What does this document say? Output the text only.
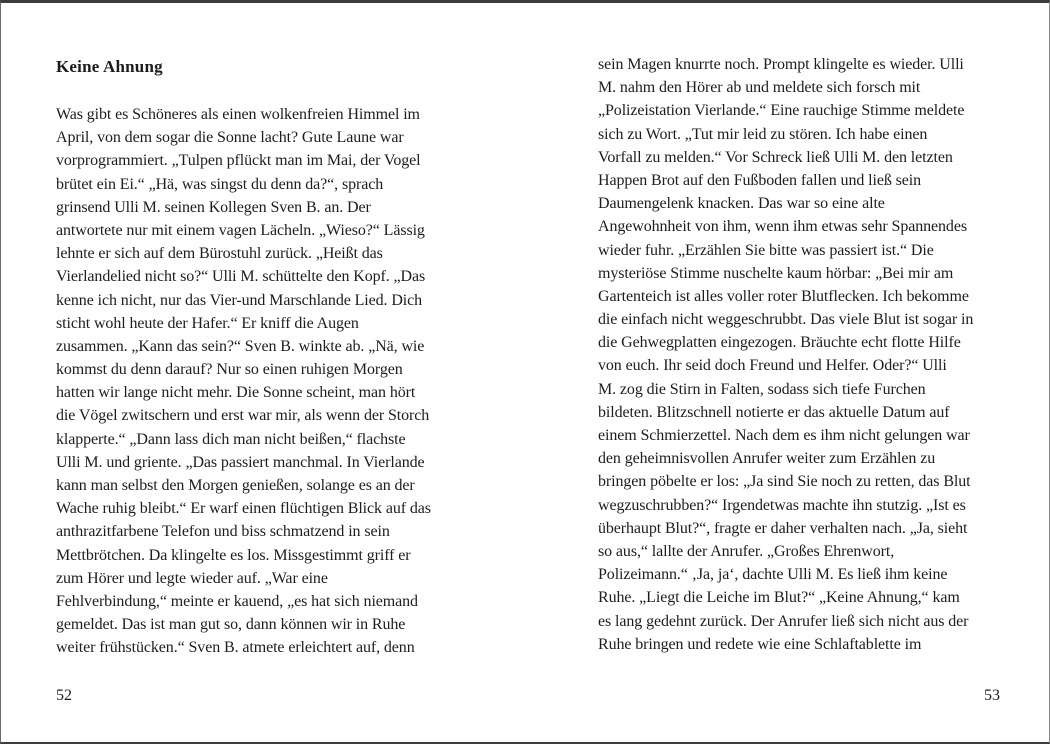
Keine Ahnung
Was gibt es Schöneres als einen wolkenfreien Himmel im
April, von dem sogar die Sonne lacht? Gute Laune war
vorprogrammiert. „Tulpen pflückt man im Mai, der Vogel
brütet ein Ei.“ „Hä, was singst du denn da?“, sprach
grinsend Ulli M. seinen Kollegen Sven B. an. Der
antwortete nur mit einem vagen Lächeln. „Wieso?“ Lässig
lehnte er sich auf dem Bürostuhl zurück. „Heißt das
Vierlandelied nicht so?“ Ulli M. schüttelte den Kopf. „Das
kenne ich nicht, nur das Vier-und Marschlande Lied. Dich
sticht wohl heute der Hafer.“ Er kniff die Augen
zusammen. „Kann das sein?“ Sven B. winkte ab. „Nä, wie
kommst du denn darauf? Nur so einen ruhigen Morgen
hatten wir lange nicht mehr. Die Sonne scheint, man hört
die Vögel zwitschern und erst war mir, als wenn der Storch
klapperte.“ „Dann lass dich man nicht beißen,“ flachste
Ulli M. und griente. „Das passiert manchmal. In Vierlande
kann man selbst den Morgen genießen, solange es an der
Wache ruhig bleibt.“ Er warf einen flüchtigen Blick auf das
anthrazitfarbene Telefon und biss schmatzend in sein
Mettbrötchen. Da klingelte es los. Missgestimmt griff er
zum Hörer und legte wieder auf. „War eine
Fehlverbindung,“ meinte er kauend, „es hat sich niemand
gemeldet. Das ist man gut so, dann können wir in Ruhe
weiter frühstücken.“ Sven B. atmete erleichtert auf, denn
52
sein Magen knurrte noch. Prompt klingelte es wieder. Ulli
M. nahm den Hörer ab und meldete sich forsch mit
„Polizeistation Vierlande.“ Eine rauchige Stimme meldete
sich zu Wort. „Tut mir leid zu stören. Ich habe einen
Vorfall zu melden.“ Vor Schreck ließ Ulli M. den letzten
Happen Brot auf den Fußboden fallen und ließ sein
Daumengelenk knacken. Das war so eine alte
Angewohnheit von ihm, wenn ihm etwas sehr Spannendes
wieder fuhr. „Erzählen Sie bitte was passiert ist.“ Die
mysteriöse Stimme nuschelte kaum hörbar: „Bei mir am
Gartenteich ist alles voller roter Blutflecken. Ich bekomme
die einfach nicht weggeschrubbt. Das viele Blut ist sogar in
die Gehwegplatten eingezogen. Bräuchte echt flotte Hilfe
von euch. Ihr seid doch Freund und Helfer. Oder?“ Ulli
M. zog die Stirn in Falten, sodass sich tiefe Furchen
bildeten. Blitzschnell notierte er das aktuelle Datum auf
einem Schmierzettel. Nach dem es ihm nicht gelungen war
den geheimnisvollen Anrufer weiter zum Erzählen zu
bringen pöbelte er los: „Ja sind Sie noch zu retten, das Blut
wegzuschrubben?“ Irgendetwas machte ihn stutzig. „Ist es
überhaupt Blut?“, fragte er daher verhalten nach. „Ja, sieht
so aus,“ lallte der Anrufer. „Großes Ehrenwort,
Polizeimann.“ ‚Ja, ja‘, dachte Ulli M. Es ließ ihm keine
Ruhe. „Liegt die Leiche im Blut?“ „Keine Ahnung,“ kam
es lang gedehnt zurück. Der Anrufer ließ sich nicht aus der
Ruhe bringen und redete wie eine Schlaftablette im
53
